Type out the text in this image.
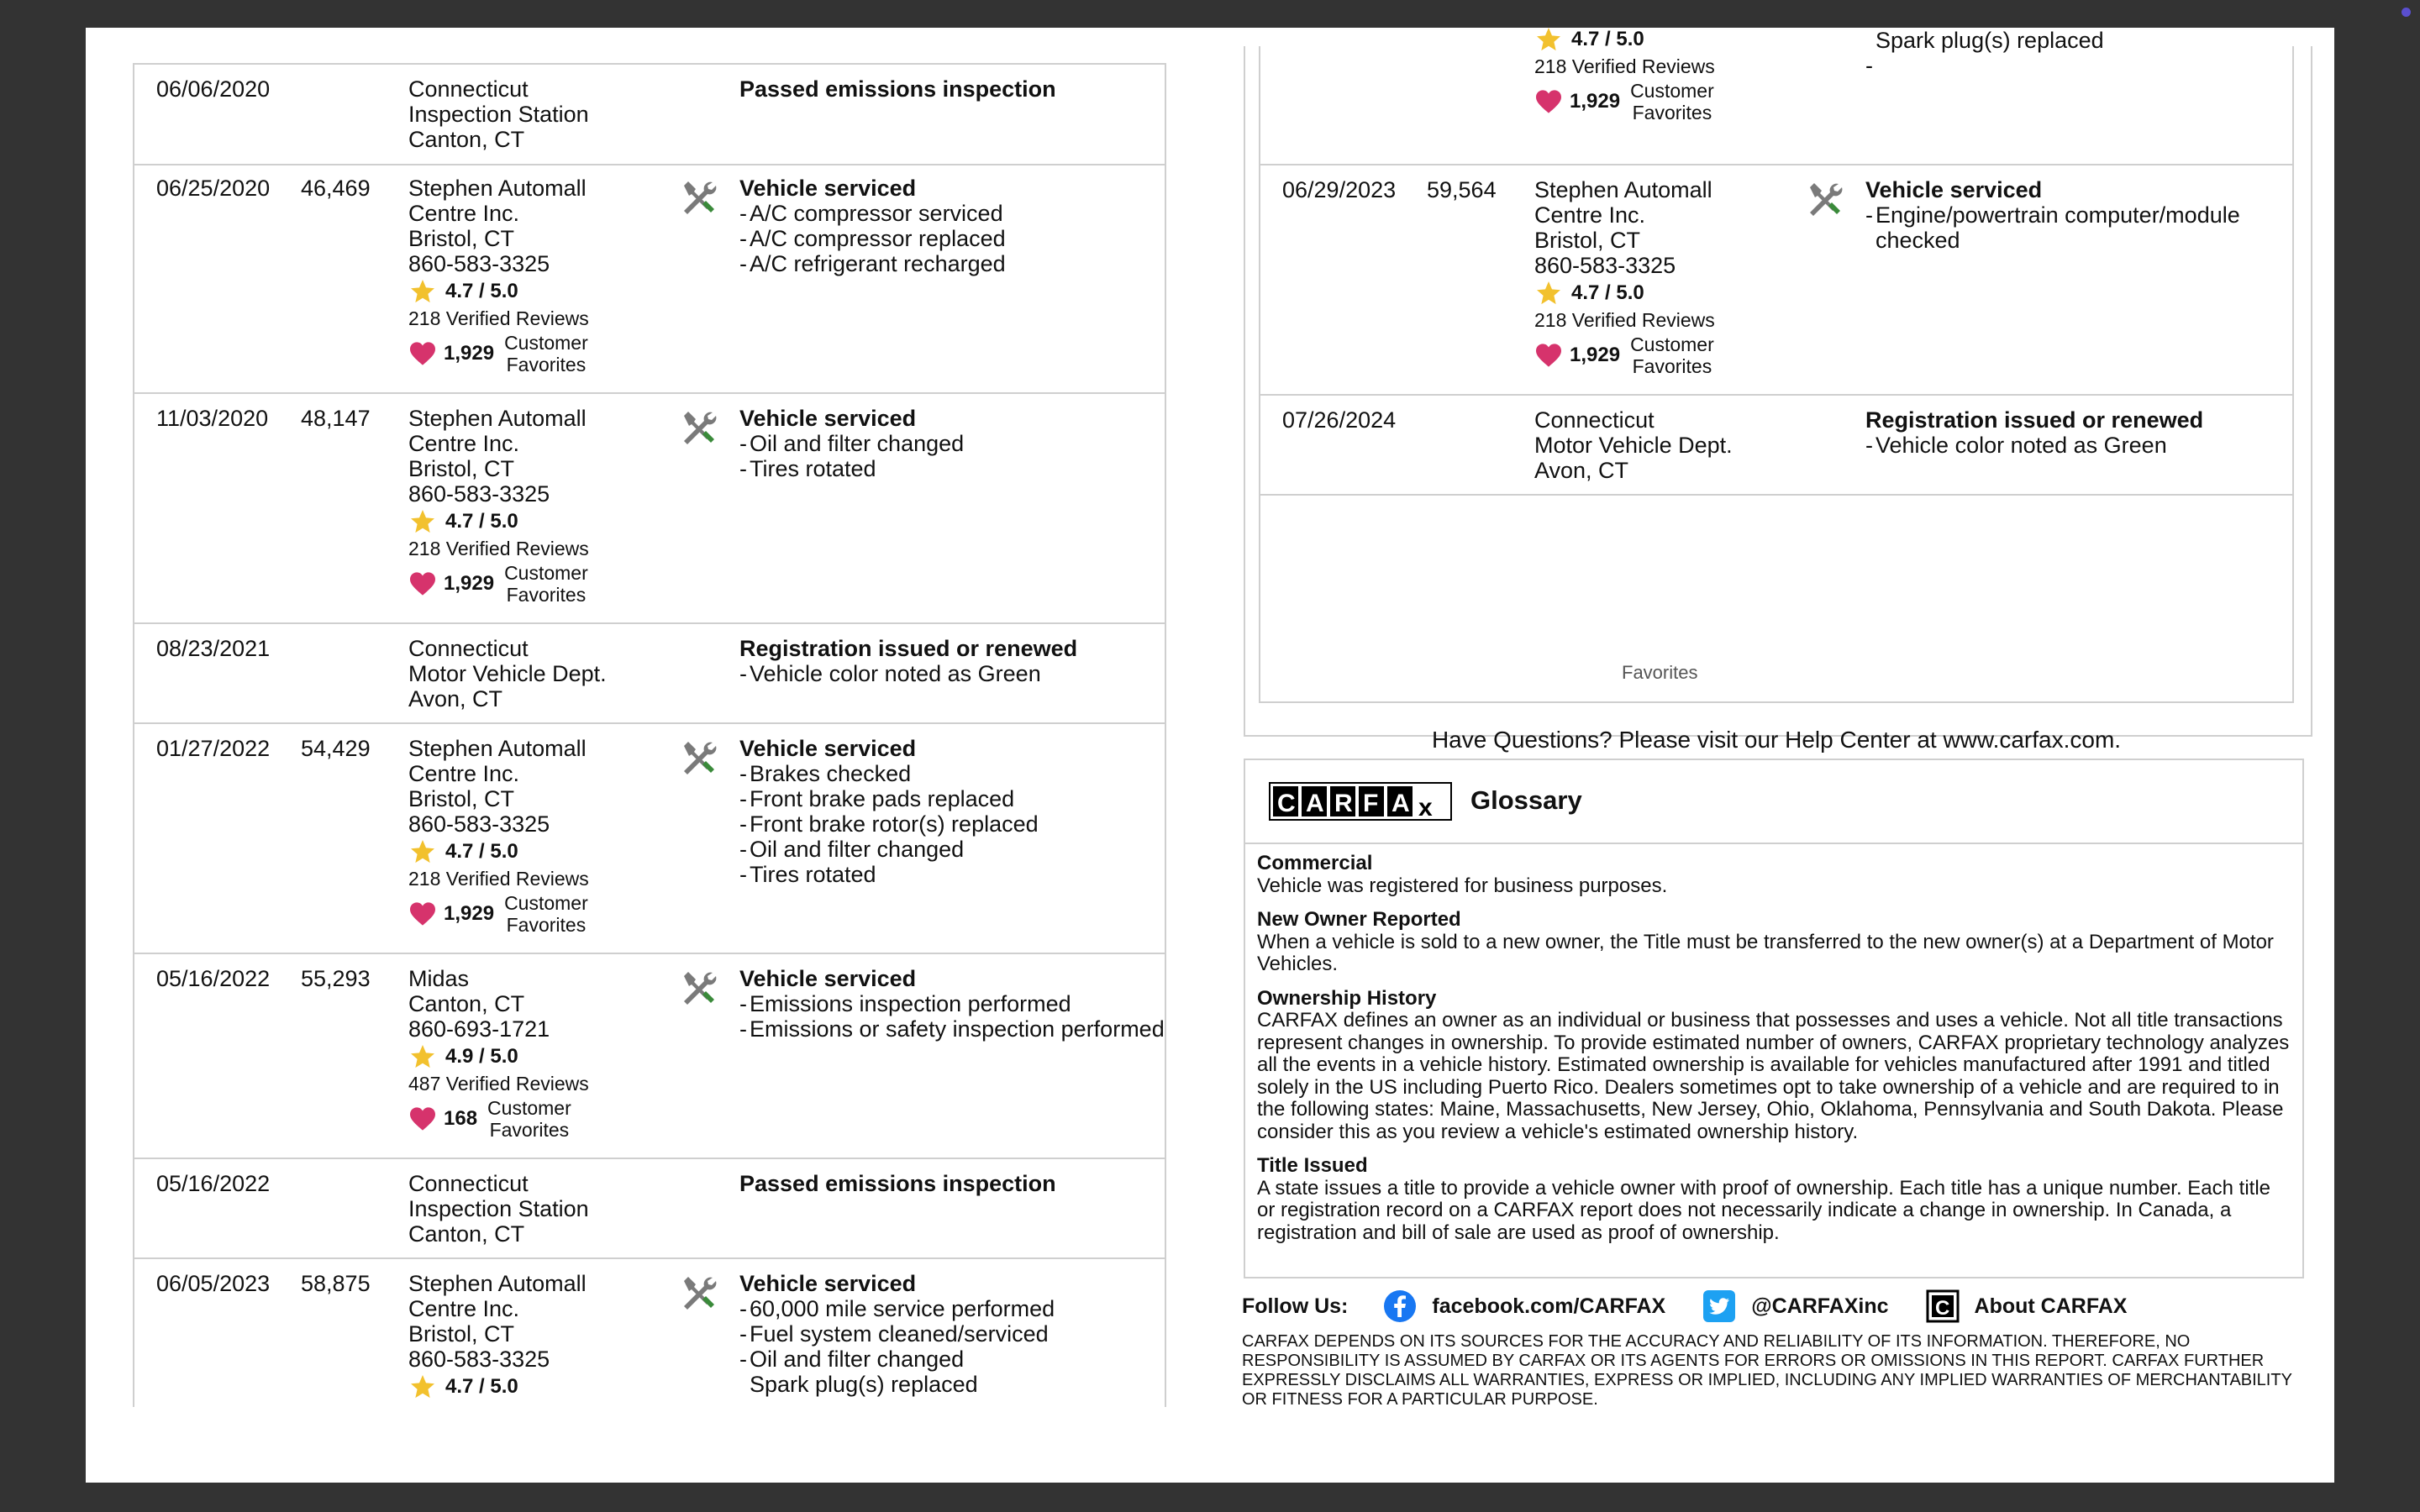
06/06/2020	Connecticut
Inspection Station
Canton, CT
Passed emissions inspection
06/25/2020 46,469 Stephen Automall
Centre Inc.
Bristol, CT
860-583-3325
4.7 / 5.0
218 Verified Reviews
1,929 Customer
Favorites
Vehicle serviced
- A/C compressor serviced
- A/C compressor replaced
- A/C refrigerant recharged
11/03/2020 48,147 Stephen Automall
Centre Inc.
Bristol, CT
860-583-3325
4.7 / 5.0
218 Verified Reviews
1,929 Customer
Favorites
Vehicle serviced
- Oil and filter changed
- Tires rotated
08/23/2021	Connecticut
Motor Vehicle Dept.
Avon, CT
Registration issued or renewed
- Vehicle color noted as Green
01/27/2022 54,429 Stephen Automall
Centre Inc.
Bristol, CT
860-583-3325
4.7 / 5.0
218 Verified Reviews
1,929 Customer
Favorites
Vehicle serviced
- Brakes checked
- Front brake pads replaced
- Front brake rotor(s) replaced
- Oil and filter changed
- Tires rotated
05/16/2022 55,293 Midas
Canton, CT
860-693-1721
4.9 / 5.0
487 Verified Reviews
168 Customer
Favorites
Vehicle serviced
- Emissions inspection performed
- Emissions or safety inspection performed
05/16/2022	Connecticut
Inspection Station
Canton, CT
Passed emissions inspection
06/05/2023 58,875 Stephen Automall
Centre Inc.
Bristol, CT
860-583-3325
4.7 / 5.0
Vehicle serviced
- 60,000 mile service performed
- Fuel system cleaned/serviced
- Oil and filter changed

Spark plug(s) replaced
4.7 / 5.0
218 Verified Reviews
1,929 Customer
Favorites

Spark plug(s) replaced
-
06/29/2023 59,564 Stephen Automall
Centre Inc.
Bristol, CT
860-583-3325
4.7 / 5.0
218 Verified Reviews
1,929 Customer
Favorites
Vehicle serviced
- Engine/powertrain computer/module checked
07/26/2024	Connecticut
Motor Vehicle Dept.
Avon, CT
Registration issued or renewed
- Vehicle color noted as Green
Favorites
Have Questions? Please visit our Help Center at www.carfax.com.
C A R F A x Glossary
Commercial
Vehicle was registered for business purposes.
New Owner Reported
When a vehicle is sold to a new owner, the Title must be transferred to the new owner(s) at a Department of Motor Vehicles.
Ownership History
CARFAX defines an owner as an individual or business that possesses and uses a vehicle. Not all title transactions represent changes in ownership. To provide estimated number of owners, CARFAX proprietary technology analyzes all the events in a vehicle history. Estimated ownership is available for vehicles manufactured after 1991 and titled solely in the US including Puerto Rico. Dealers sometimes opt to take ownership of a vehicle and are required to in the following states: Maine, Massachusetts, New Jersey, Ohio, Oklahoma, Pennsylvania and South Dakota. Please consider this as you review a vehicle's estimated ownership history.
Title Issued
A state issues a title to provide a vehicle owner with proof of ownership. Each title has a unique number. Each title or registration record on a CARFAX report does not necessarily indicate a change in ownership. In Canada, a registration and bill of sale are used as proof of ownership.
Follow Us:	facebook.com/CARFAX	@CARFAXinc C About CARFAX
CARFAX DEPENDS ON ITS SOURCES FOR THE ACCURACY AND RELIABILITY OF ITS INFORMATION. THEREFORE, NO RESPONSIBILITY IS ASSUMED BY CARFAX OR ITS AGENTS FOR ERRORS OR OMISSIONS IN THIS REPORT. CARFAX FURTHER EXPRESSLY DISCLAIMS ALL WARRANTIES, EXPRESS OR IMPLIED, INCLUDING ANY IMPLIED WARRANTIES OF MERCHANTABILITY OR FITNESS FOR A PARTICULAR PURPOSE.
